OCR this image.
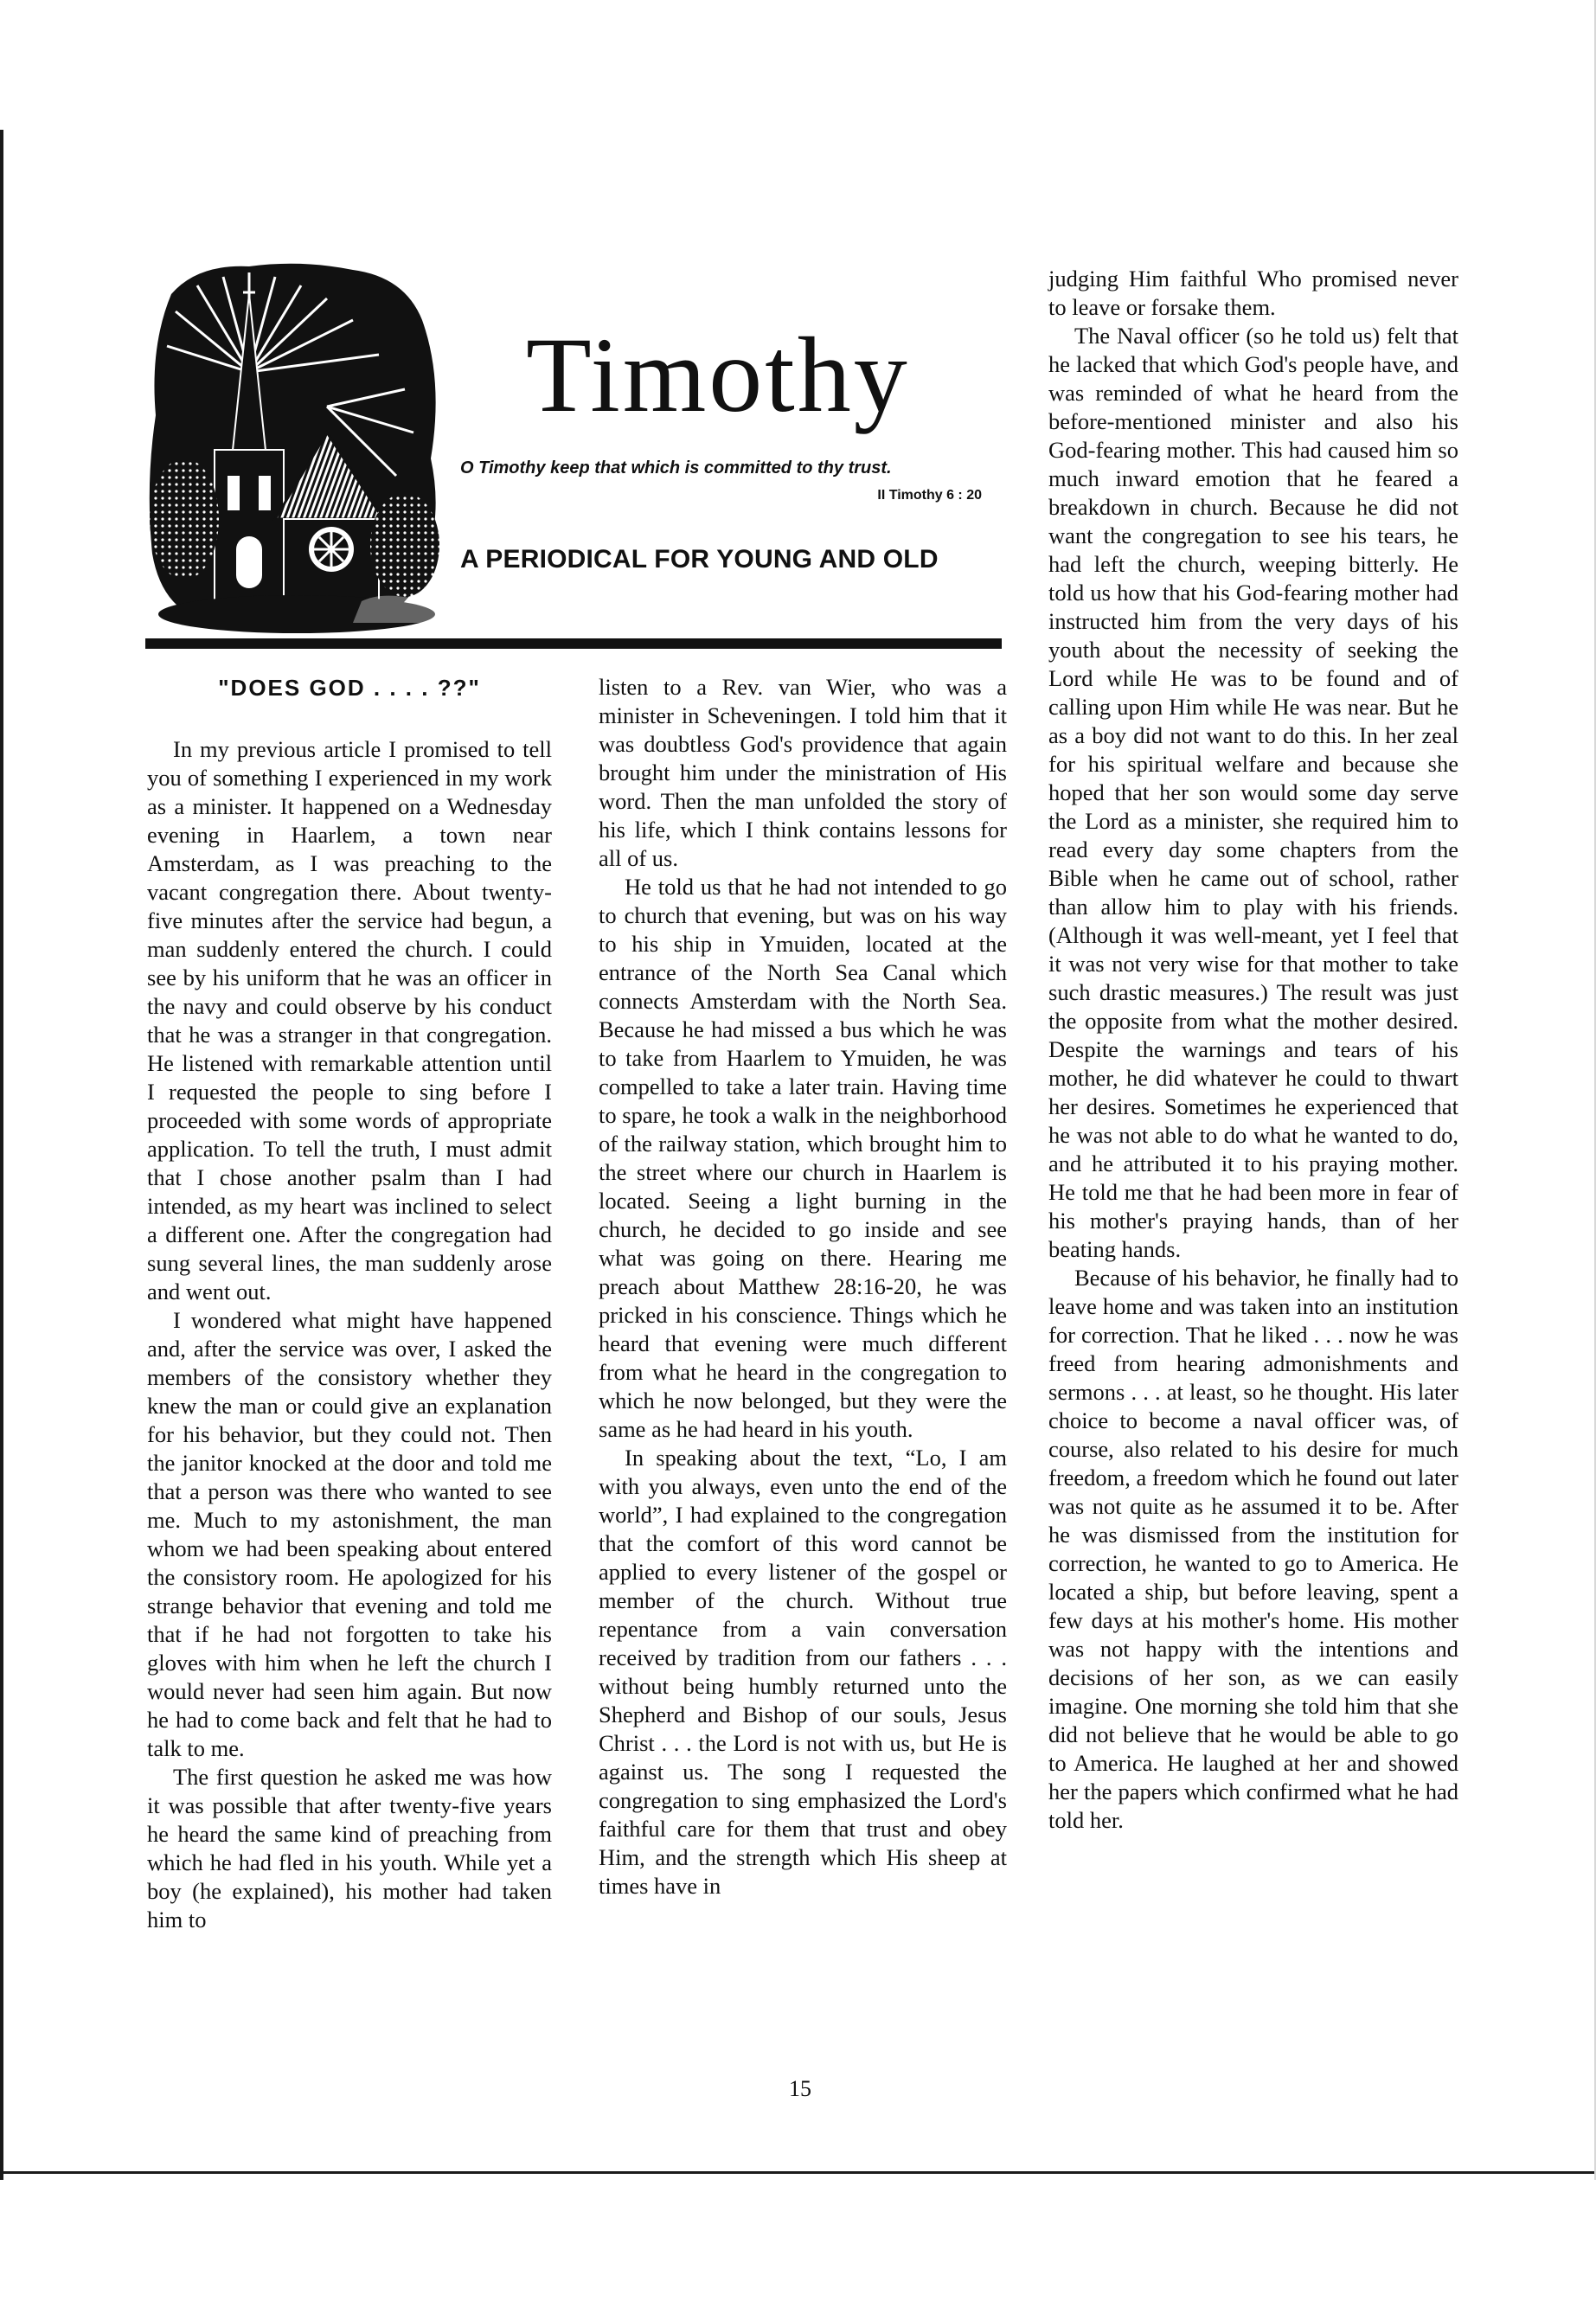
Timothy
O Timothy keep that which is committed to thy trust.
II Timothy 6 : 20
A PERIODICAL FOR YOUNG AND OLD
"DOES GOD . . . . ??"

In my previous article I promised to tell you of something I experienced in my work as a minister. It happened on a Wednesday evening in Haarlem, a town near Amsterdam, as I was preaching to the vacant congregation there. About twenty-five minutes after the service had begun, a man suddenly entered the church. I could see by his uniform that he was an officer in the navy and could observe by his conduct that he was a stranger in that congregation. He listened with remarkable attention until I requested the people to sing before I proceeded with some words of appropriate application. To tell the truth, I must admit that I chose another psalm than I had intended, as my heart was inclined to select a different one. After the congregation had sung several lines, the man suddenly arose and went out.

I wondered what might have happened and, after the service was over, I asked the members of the consistory whether they knew the man or could give an explanation for his behavior, but they could not. Then the janitor knocked at the door and told me that a person was there who wanted to see me. Much to my astonishment, the man whom we had been speaking about entered the consistory room. He apologized for his strange behavior that evening and told me that if he had not forgotten to take his gloves with him when he left the church I would never had seen him again. But now he had to come back and felt that he had to talk to me.

The first question he asked me was how it was possible that after twenty-five years he heard the same kind of preaching from which he had fled in his youth. While yet a boy (he explained), his mother had taken him to

listen to a Rev. van Wier, who was a minister in Scheveningen. I told him that it was doubtless God's providence that again brought him under the ministration of His word. Then the man unfolded the story of his life, which I think contains lessons for all of us.

He told us that he had not intended to go to church that evening, but was on his way to his ship in Ymuiden, located at the entrance of the North Sea Canal which connects Amsterdam with the North Sea. Because he had missed a bus which he was to take from Haarlem to Ymuiden, he was compelled to take a later train. Having time to spare, he took a walk in the neighborhood of the railway station, which brought him to the street where our church in Haarlem is located. Seeing a light burning in the church, he decided to go inside and see what was going on there. Hearing me preach about Matthew 28:16-20, he was pricked in his conscience. Things which he heard that evening were much different from what he heard in the congregation to which he now belonged, but they were the same as he had heard in his youth.

In speaking about the text, “Lo, I am with you always, even unto the end of the world”, I had explained to the congregation that the comfort of this word cannot be applied to every listener of the gospel or member of the church. Without true repentance from a vain conversation received by tradition from our fathers . . . without being humbly returned unto the Shepherd and Bishop of our souls, Jesus Christ . . . the Lord is not with us, but He is against us. The song I requested the congregation to sing emphasized the Lord's faithful care for them that trust and obey Him, and the strength which His sheep at times have in

judging Him faithful Who promised never to leave or forsake them.

The Naval officer (so he told us) felt that he lacked that which God's people have, and was reminded of what he heard from the before-mentioned minister and also his God-fearing mother. This had caused him so much inward emotion that he feared a breakdown in church. Because he did not want the congregation to see his tears, he had left the church, weeping bitterly. He told us how that his God-fearing mother had instructed him from the very days of his youth about the necessity of seeking the Lord while He was to be found and of calling upon Him while He was near. But he as a boy did not want to do this. In her zeal for his spiritual welfare and because she hoped that her son would some day serve the Lord as a minister, she required him to read every day some chapters from the Bible when he came out of school, rather than allow him to play with his friends. (Although it was well-meant, yet I feel that it was not very wise for that mother to take such drastic measures.) The result was just the opposite from what the mother desired. Despite the warnings and tears of his mother, he did whatever he could to thwart her desires. Sometimes he experienced that he was not able to do what he wanted to do, and he attributed it to his praying mother. He told me that he had been more in fear of his mother's praying hands, than of her beating hands.

Because of his behavior, he finally had to leave home and was taken into an institution for correction. That he liked . . . now he was freed from hearing admonishments and sermons . . . at least, so he thought. His later choice to become a naval officer was, of course, also related to his desire for much freedom, a freedom which he found out later was not quite as he assumed it to be. After he was dismissed from the institution for correction, he wanted to go to America. He located a ship, but before leaving, spent a few days at his mother's home. His mother was not happy with the intentions and decisions of her son, as we can easily imagine. One morning she told him that she did not believe that he would be able to go to America. He laughed at her and showed her the papers which confirmed what he had told her.

15
